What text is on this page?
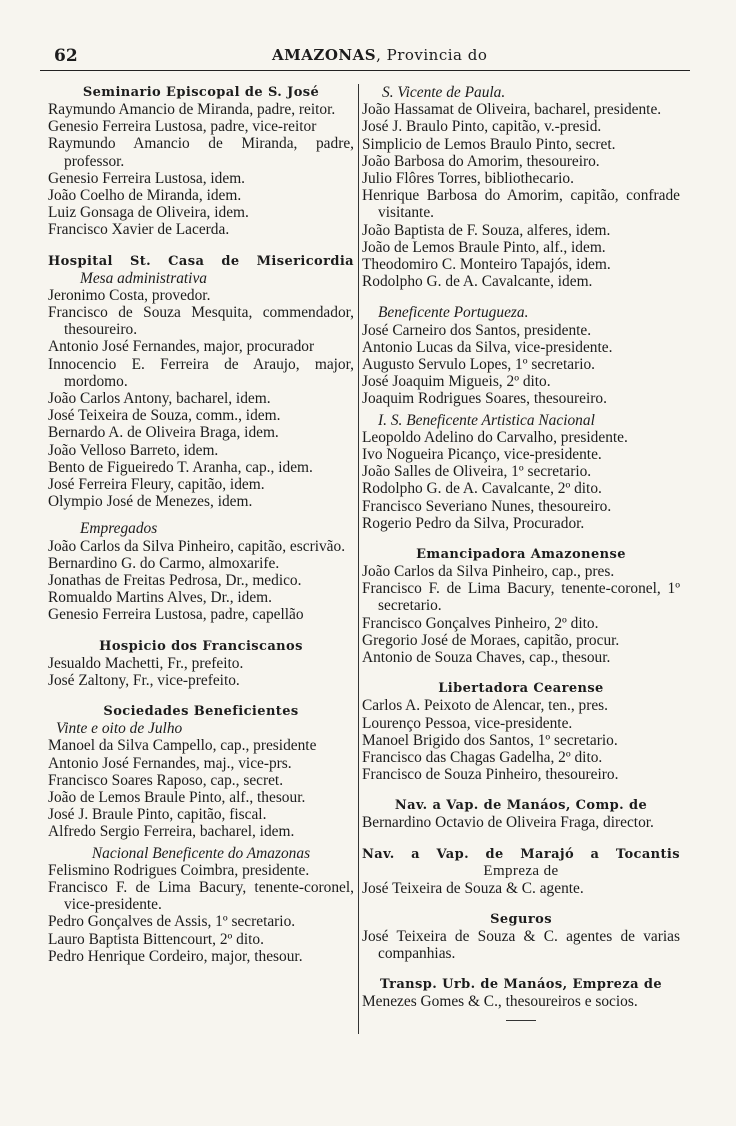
62	AMAZONAS, Provincia do
Seminario Episcopal de S. José
Raymundo Amancio de Miranda, padre, reitor.
Genesio Ferreira Lustosa, padre, vice-reitor
Raymundo Amancio de Miranda, padre, professor.
Genesio Ferreira Lustosa, idem.
João Coelho de Miranda, idem.
Luiz Gonsaga de Oliveira, idem.
Francisco Xavier de Lacerda.
Hospital St. Casa de Misericordia
Mesa administrativa
Jeronimo Costa, provedor.
Francisco de Souza Mesquita, commendador, thesoureiro.
Antonio José Fernandes, major, procurador
Innocencio E. Ferreira de Araujo, major, mordomo.
João Carlos Antony, bacharel, idem.
José Teixeira de Souza, comm., idem.
Bernardo A. de Oliveira Braga, idem.
João Velloso Barreto, idem.
Bento de Figueiredo T. Aranha, cap., idem.
José Ferreira Fleury, capitão, idem.
Olympio José de Menezes, idem.
Empregados
João Carlos da Silva Pinheiro, capitão, escrivão.
Bernardino G. do Carmo, almoxarife.
Jonathas de Freitas Pedrosa, Dr., medico.
Romualdo Martins Alves, Dr., idem.
Genesio Ferreira Lustosa, padre, capellão
Hospicio dos Franciscanos
Jesualdo Machetti, Fr., prefeito.
José Zaltony, Fr., vice-prefeito.
Sociedades Beneficientes
Vinte e oito de Julho
Manoel da Silva Campello, cap., presidente
Antonio José Fernandes, maj., vice-prs.
Francisco Soares Raposo, cap., secret.
João de Lemos Braule Pinto, alf., thesour.
José J. Braule Pinto, capitão, fiscal.
Alfredo Sergio Ferreira, bacharel, idem.
Nacional Beneficente do Amazonas
Felismino Rodrigues Coimbra, presidente.
Francisco F. de Lima Bacury, tenente-coronel, vice-presidente.
Pedro Gonçalves de Assis, 1º secretario.
Lauro Baptista Bittencourt, 2º dito.
Pedro Henrique Cordeiro, major, thesour.
S. Vicente de Paula.
João Hassamat de Oliveira, bacharel, presidente.
José J. Braulo Pinto, capitão, v.-presid.
Simplicio de Lemos Braulo Pinto, secret.
João Barbosa do Amorim, thesoureiro.
Julio Flôres Torres, bibliothecario.
Henrique Barbosa do Amorim, capitão, confrade visitante.
João Baptista de F. Souza, alferes, idem.
João de Lemos Braule Pinto, alf., idem.
Theodomiro C. Monteiro Tapajós, idem.
Rodolpho G. de A. Cavalcante, idem.
Beneficente Portugueza.
José Carneiro dos Santos, presidente.
Antonio Lucas da Silva, vice-presidente.
Augusto Servulo Lopes, 1º secretario.
José Joaquim Migueis, 2º dito.
Joaquim Rodrigues Soares, thesoureiro.
I. S. Beneficente Artistica Nacional
Leopoldo Adelino do Carvalho, presidente.
Ivo Nogueira Picanço, vice-presidente.
João Salles de Oliveira, 1º secretario.
Rodolpho G. de A. Cavalcante, 2º dito.
Francisco Severiano Nunes, thesoureiro.
Rogerio Pedro da Silva, Procurador.
Emancipadora Amazonense
João Carlos da Silva Pinheiro, cap., pres.
Francisco F. de Lima Bacury, tenente-coronel, 1º secretario.
Francisco Gonçalves Pinheiro, 2º dito.
Gregorio José de Moraes, capitão, procur.
Antonio de Souza Chaves, cap., thesour.
Libertadora Cearense
Carlos A. Peixoto de Alencar, ten., pres.
Lourenço Pessoa, vice-presidente.
Manoel Brigido dos Santos, 1º secretario.
Francisco das Chagas Gadelha, 2º dito.
Francisco de Souza Pinheiro, thesoureiro.
Nav. a Vap. de Manáos, Comp. de
Bernardino Octavio de Oliveira Fraga, director.
Nav. a Vap. de Marajó a Tocantis
Empreza de
José Teixeira de Souza & C. agente.
Seguros
José Teixeira de Souza & C. agentes de varias companhias.
Transp. Urb. de Manáos, Empreza de
Menezes Gomes & C., thesoureiros e socios.
